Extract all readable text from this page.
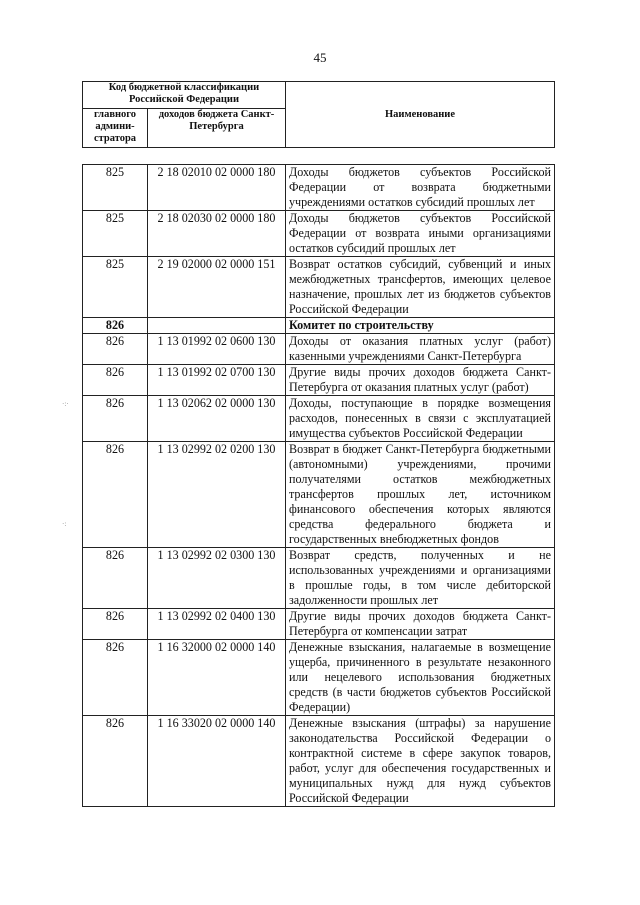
45
·:·
·:
Код бюджетной классификации Российской Федерации		Наименование
главного админи-стратора	доходов бюджета Санкт-Петербурга	
825	2 18 02010 02 0000 180	Доходы бюджетов субъектов Российской Федерации от возврата бюджетными учреждениями остатков субсидий прошлых лет
825	2 18 02030 02 0000 180	Доходы бюджетов субъектов Российской Федерации от возврата иными организациями остатков субсидий прошлых лет
825	2 19 02000 02 0000 151	Возврат остатков субсидий, субвенций и иных межбюджетных трансфертов, имеющих целевое назначение, прошлых лет из бюджетов субъектов Российской Федерации
826		Комитет по строительству
826	1 13 01992 02 0600 130	Доходы от оказания платных услуг (работ) казенными учреждениями Санкт-Петербурга
826	1 13 01992 02 0700 130	Другие виды прочих доходов бюджета Санкт-Петербурга от оказания платных услуг (работ)
826	1 13 02062 02 0000 130	Доходы, поступающие в порядке возмещения расходов, понесенных в связи с эксплуатацией имущества субъектов Российской Федерации
826	1 13 02992 02 0200 130	Возврат в бюджет Санкт-Петербурга бюджетными (автономными) учреждениями, прочими получателями остатков межбюджетных трансфертов прошлых лет, источником финансового обеспечения которых являются средства федерального бюджета и государственных внебюджетных фондов
826	1 13 02992 02 0300 130	Возврат средств, полученных и не использованных учреждениями и организациями в прошлые годы, в том числе дебиторской задолженности прошлых лет
826	1 13 02992 02 0400 130	Другие виды прочих доходов бюджета Санкт-Петербурга от компенсации затрат
826	1 16 32000 02 0000 140	Денежные взыскания, налагаемые в возмещение ущерба, причиненного в результате незаконного или нецелевого использования бюджетных средств (в части бюджетов субъектов Российской Федерации)
826	1 16 33020 02 0000 140	Денежные взыскания (штрафы) за нарушение законодательства Российской Федерации о контрактной системе в сфере закупок товаров, работ, услуг для обеспечения государственных и муниципальных нужд для нужд субъектов Российской Федерации
